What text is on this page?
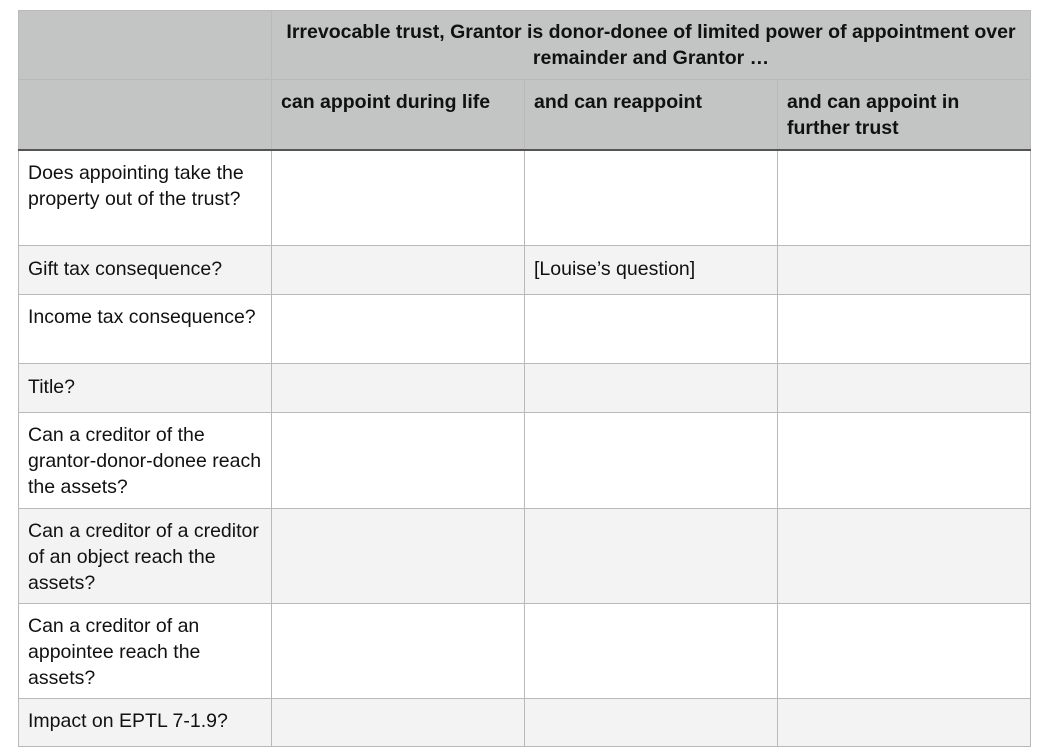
	Irrevocable trust, Grantor is donor-donee of limited power of appointment over remainder and Grantor …		
	can appoint during life	and can reappoint	and can appoint in further trust
Does appointing take the property out of the trust?			
Gift tax consequence?		[Louise’s question]	
Income tax consequence?			
Title?			
Can a creditor of the grantor-donor-donee reach the assets?			
Can a creditor of a creditor of an object reach the assets?			
Can a creditor of an appointee reach the assets?			
Impact on EPTL 7-1.9?			
